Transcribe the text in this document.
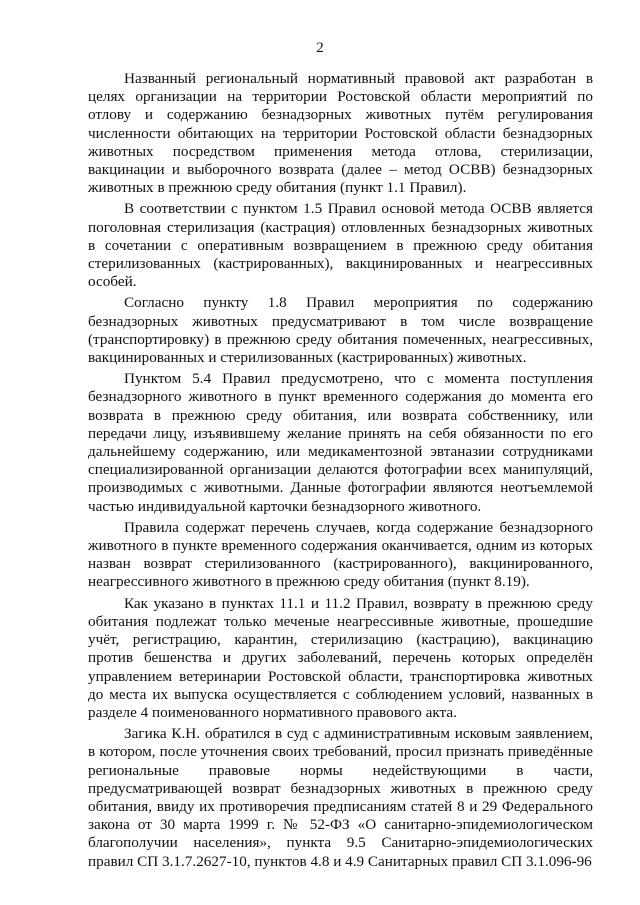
2

Названный региональный нормативный правовой акт разработан в целях организации на территории Ростовской области мероприятий по отлову и содержанию безнадзорных животных путём регулирования численности обитающих на территории Ростовской области безнадзорных животных посредством применения метода отлова, стерилизации, вакцинации и выборочного возврата (далее – метод ОСВВ) безнадзорных животных в прежнюю среду обитания (пункт 1.1 Правил).

В соответствии с пунктом 1.5 Правил основой метода ОСВВ является поголовная стерилизация (кастрация) отловленных безнадзорных животных в сочетании с оперативным возвращением в прежнюю среду обитания стерилизованных (кастрированных), вакцинированных и неагрессивных особей.

Согласно пункту 1.8 Правил мероприятия по содержанию безнадзорных животных предусматривают в том числе возвращение (транспортировку) в прежнюю среду обитания помеченных, неагрессивных, вакцинированных и стерилизованных (кастрированных) животных.

Пунктом 5.4 Правил предусмотрено, что с момента поступления безнадзорного животного в пункт временного содержания до момента его возврата в прежнюю среду обитания, или возврата собственнику, или передачи лицу, изъявившему желание принять на себя обязанности по его дальнейшему содержанию, или медикаментозной эвтаназии сотрудниками специализированной организации делаются фотографии всех манипуляций, производимых с животными. Данные фотографии являются неотъемлемой частью индивидуальной карточки безнадзорного животного.

Правила содержат перечень случаев, когда содержание безнадзорного животного в пункте временного содержания оканчивается, одним из которых назван возврат стерилизованного (кастрированного), вакцинированного, неагрессивного животного в прежнюю среду обитания (пункт 8.19).

Как указано в пунктах 11.1 и 11.2 Правил, возврату в прежнюю среду обитания подлежат только меченые неагрессивные животные, прошедшие учёт, регистрацию, карантин, стерилизацию (кастрацию), вакцинацию против бешенства и других заболеваний, перечень которых определён управлением ветеринарии Ростовской области, транспортировка животных до места их выпуска осуществляется с соблюдением условий, названных в разделе 4 поименованного нормативного правового акта.

Загика К.Н. обратился в суд с административным исковым заявлением, в котором, после уточнения своих требований, просил признать приведённые региональные правовые нормы недействующими в части, предусматривающей возврат безнадзорных животных в прежнюю среду обитания, ввиду их противоречия предписаниям статей 8 и 29 Федерального закона от 30 марта 1999 г. № 52-ФЗ «О санитарно-эпидемиологическом благополучии населения», пункта 9.5 Санитарно-эпидемиологических правил СП 3.1.7.2627-10, пунктов 4.8 и 4.9 Санитарных правил СП 3.1.096-96
